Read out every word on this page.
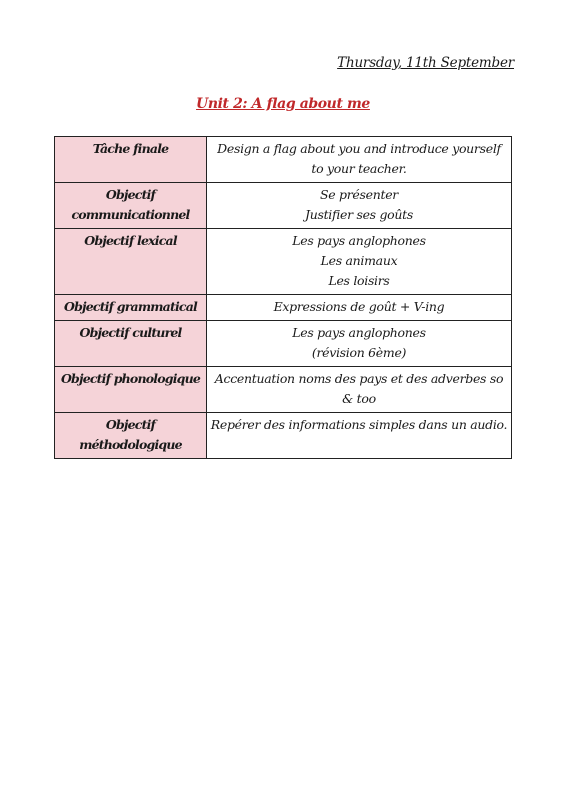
Thursday, 11th September
Unit 2: A flag about me
Tâche finale	Design a flag about you and introduce yourself to your teacher.

Objectif communicationnel	Se présenter
Justifier ses goûts

Objectif lexical	Les pays anglophones
Les animaux
Les loisirs

Objectif grammatical	Expressions de goût + V-ing

Objectif culturel	Les pays anglophones
(révision 6ème)

Objectif phonologique	Accentuation noms des pays et des adverbes so & too

Objectif méthodologique	Repérer des informations simples dans un audio.
